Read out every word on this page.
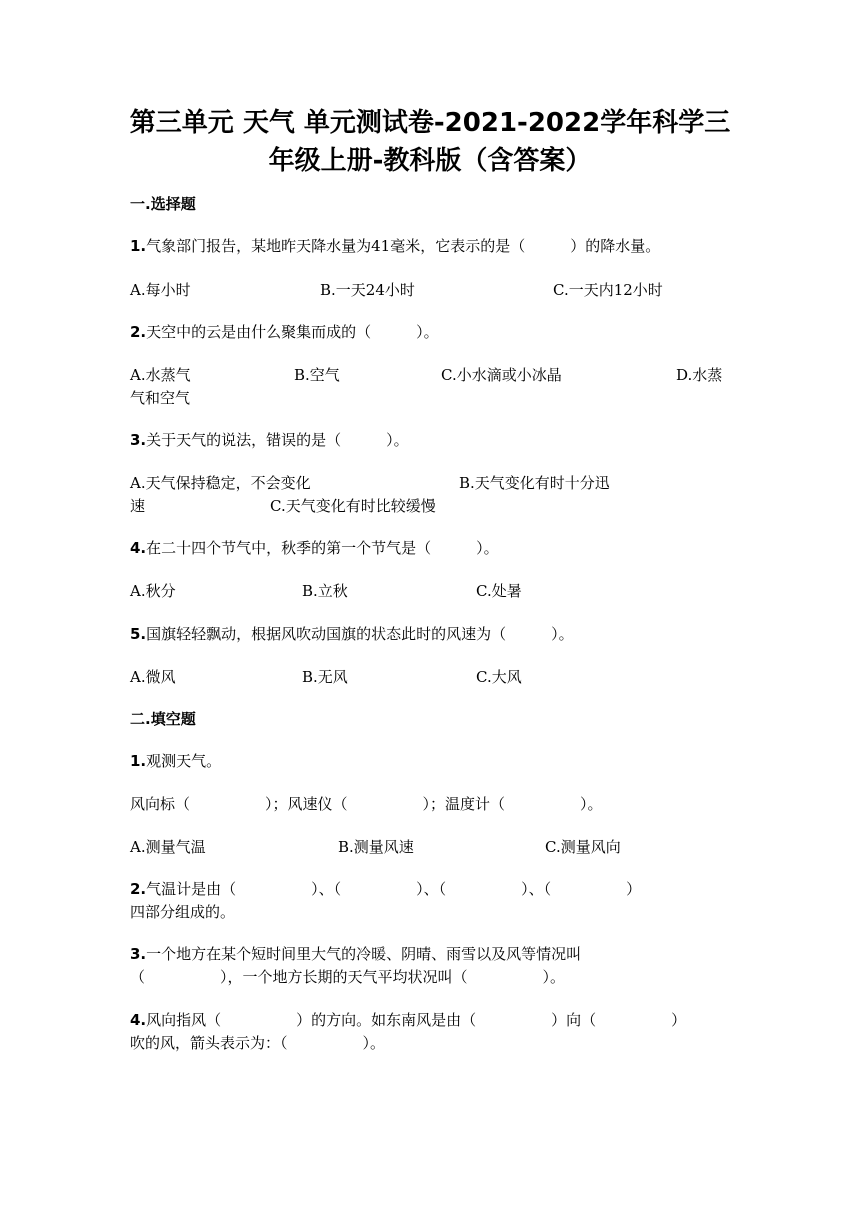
第三单元 天气 单元测试卷-2021-2022学年科学三
年级上册-教科版（含答案）
一.选择题
1.气象部门报告，某地昨天降水量为41毫米，它表示的是（　　　）的降水量。
A.每小时	B.一天24小时	C.一天内12小时
2.天空中的云是由什么聚集而成的（　　　）。
A.水蒸气	B.空气	C.小水滴或小冰晶	D.水蒸
气和空气
3.关于天气的说法，错误的是（　　　）。
A.天气保持稳定，不会变化	B.天气变化有时十分迅
速	C.天气变化有时比较缓慢
4.在二十四个节气中，秋季的第一个节气是（　　　）。
A.秋分	B.立秋	C.处暑
5.国旗轻轻飘动，根据风吹动国旗的状态此时的风速为（　　　）。
A.微风	B.无风	C.大风
二.填空题
1.观测天气。
风向标（　　　　　）；风速仪（　　　　　）；温度计（　　　　　）。
A.测量气温	B.测量风速	C.测量风向
2.气温计是由（　　　　　）、（　　　　　）、（　　　　　）、（　　　　　）
四部分组成的。
3.一个地方在某个短时间里大气的冷暖、阴晴、雨雪以及风等情况叫
（　　　　　），一个地方长期的天气平均状况叫（　　　　　）。
4.风向指风（　　　　　）的方向。如东南风是由（　　　　　）向（　　　　　）
吹的风，箭头表示为：（　　　　　）。
